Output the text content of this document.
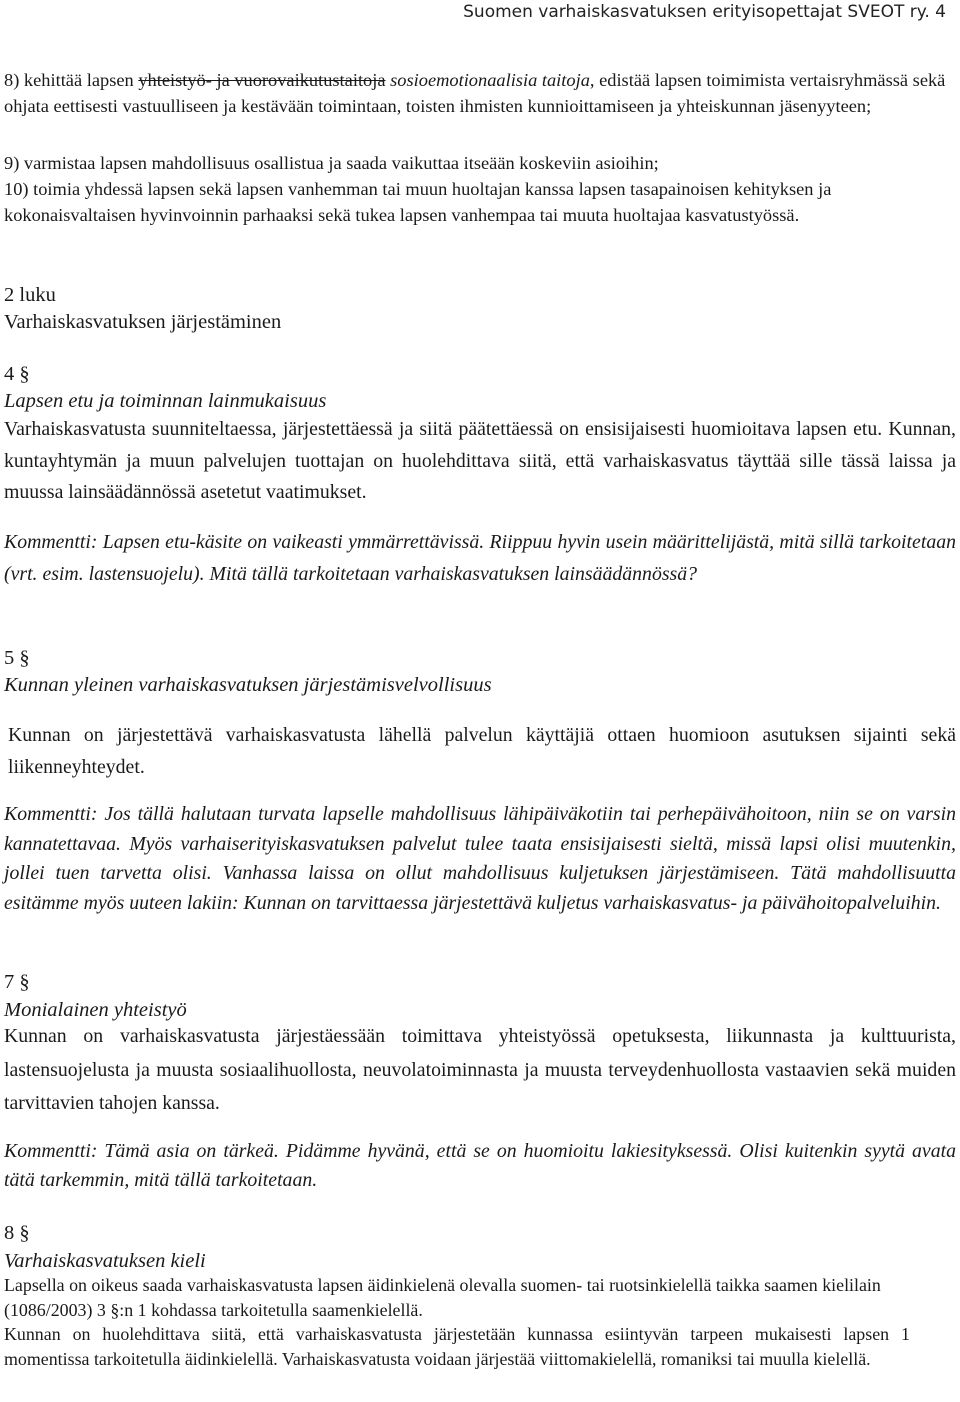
Suomen varhaiskasvatuksen erityisopettajat SVEOT ry. 4

8) kehittää lapsen yhteistyö- ja vuorovaikutustaitoja sosioemotionaalisia taitoja, edistää lapsen toimimista vertaisryhmässä sekä ohjata eettisesti vastuulliseen ja kestävään toimintaan, toisten ihmisten kunnioittamiseen ja yhteiskunnan jäsenyyteen;

9) varmistaa lapsen mahdollisuus osallistua ja saada vaikuttaa itseään koskeviin asioihin;

10) toimia yhdessä lapsen sekä lapsen vanhemman tai muun huoltajan kanssa lapsen tasapainoisen kehityksen ja kokonaisvaltaisen hyvinvoinnin parhaaksi sekä tukea lapsen vanhempaa tai muuta huoltajaa kasvatustyössä.

2 luku

Varhaiskasvatuksen järjestäminen

4 §

Lapsen etu ja toiminnan lainmukaisuus

Varhaiskasvatusta suunniteltaessa, järjestettäessä ja siitä päätettäessä on ensisijaisesti huomioitava lapsen etu. Kunnan, kuntayhtymän ja muun palvelujen tuottajan on huolehdittava siitä, että varhaiskasvatus täyttää sille tässä laissa ja muussa lainsäädännössä asetetut vaatimukset.

Kommentti: Lapsen etu-käsite on vaikeasti ymmärrettävissä. Riippuu hyvin usein määrittelijästä, mitä sillä tarkoitetaan (vrt. esim. lastensuojelu). Mitä tällä tarkoitetaan varhaiskasvatuksen lainsäädännössä?

5 §

Kunnan yleinen varhaiskasvatuksen järjestämisvelvollisuus

Kunnan on järjestettävä varhaiskasvatusta lähellä palvelun käyttäjiä ottaen huomioon asutuksen sijainti sekä liikenneyhteydet.

Kommentti: Jos tällä halutaan turvata lapselle mahdollisuus lähipäiväkotiin tai perhepäivähoitoon, niin se on varsin kannatettavaa. Myös varhaiserityiskasvatuksen palvelut tulee taata ensisijaisesti sieltä, missä lapsi olisi muutenkin, jollei tuen tarvetta olisi. Vanhassa laissa on ollut mahdollisuus kuljetuksen järjestämiseen. Tätä mahdollisuutta esitämme myös uuteen lakiin: Kunnan on tarvittaessa järjestettävä kuljetus varhaiskasvatus- ja päivähoitopalveluihin.

7 §

Monialainen yhteistyö

Kunnan on varhaiskasvatusta järjestäessään toimittava yhteistyössä opetuksesta, liikunnasta ja kulttuurista, lastensuojelusta ja muusta sosiaalihuollosta, neuvolatoiminnasta ja muusta terveydenhuollosta vastaavien sekä muiden tarvittavien tahojen kanssa.

Kommentti: Tämä asia on tärkeä. Pidämme hyvänä, että se on huomioitu lakiesityksessä. Olisi kuitenkin syytä avata tätä tarkemmin, mitä tällä tarkoitetaan.

8 §

Varhaiskasvatuksen kieli

Lapsella on oikeus saada varhaiskasvatusta lapsen äidinkielenä olevalla suomen- tai ruotsinkielellä taikka saamen kielilain (1086/2003) 3 §:n 1 kohdassa tarkoitetulla saamenkielellä.

Kunnan on huolehdittava siitä, että varhaiskasvatusta järjestetään kunnassa esiintyvän tarpeen mukaisesti lapsen 1 momentissa tarkoitetulla äidinkielellä. Varhaiskasvatusta voidaan järjestää viittomakielellä, romaniksi tai muulla kielellä.
